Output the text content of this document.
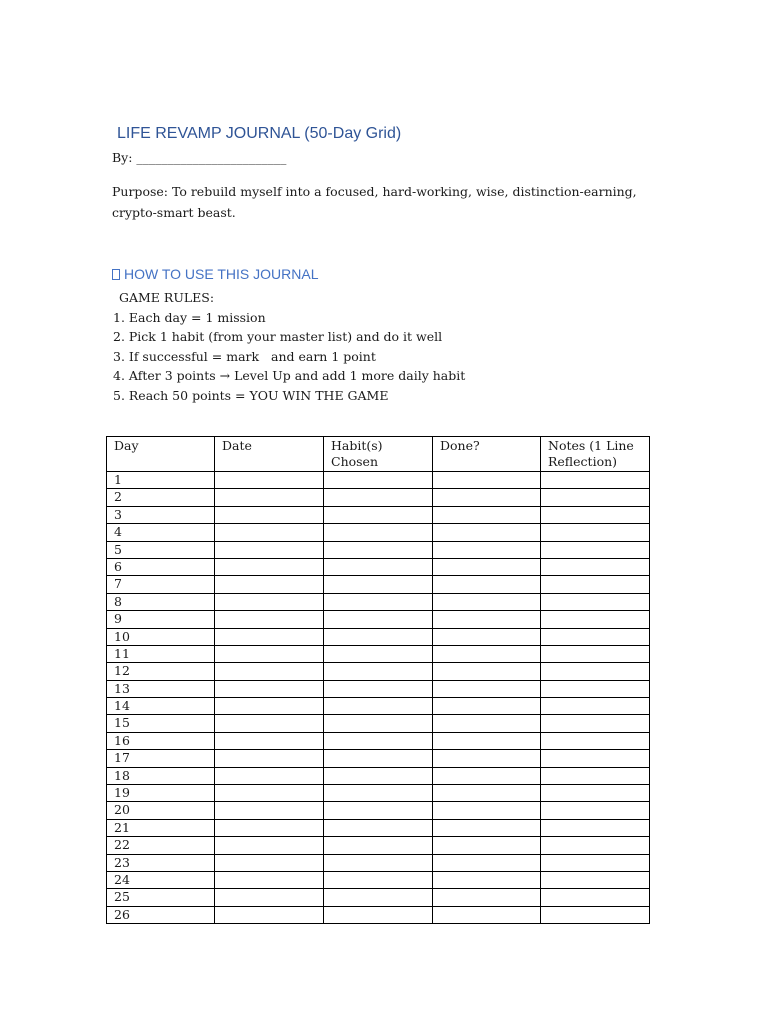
LIFE REVAMP JOURNAL (50-Day Grid)
By: ________________________
Purpose: To rebuild myself into a focused, hard-working, wise, distinction-earning, crypto-smart beast.
HOW TO USE THIS JOURNAL
GAME RULES:
1. Each day = 1 mission
2. Pick 1 habit (from your master list) and do it well
3. If successful = mark   and earn 1 point
4. After 3 points → Level Up and add 1 more daily habit
5. Reach 50 points = YOU WIN THE GAME
Day	Date	Habit(s) Chosen	Done?	Notes (1 Line Reflection)
1				
2				
3				
4				
5				
6				
7				
8				
9				
10				
11				
12				
13				
14				
15				
16				
17				
18				
19				
20				
21				
22				
23				
24				
25				
26				
